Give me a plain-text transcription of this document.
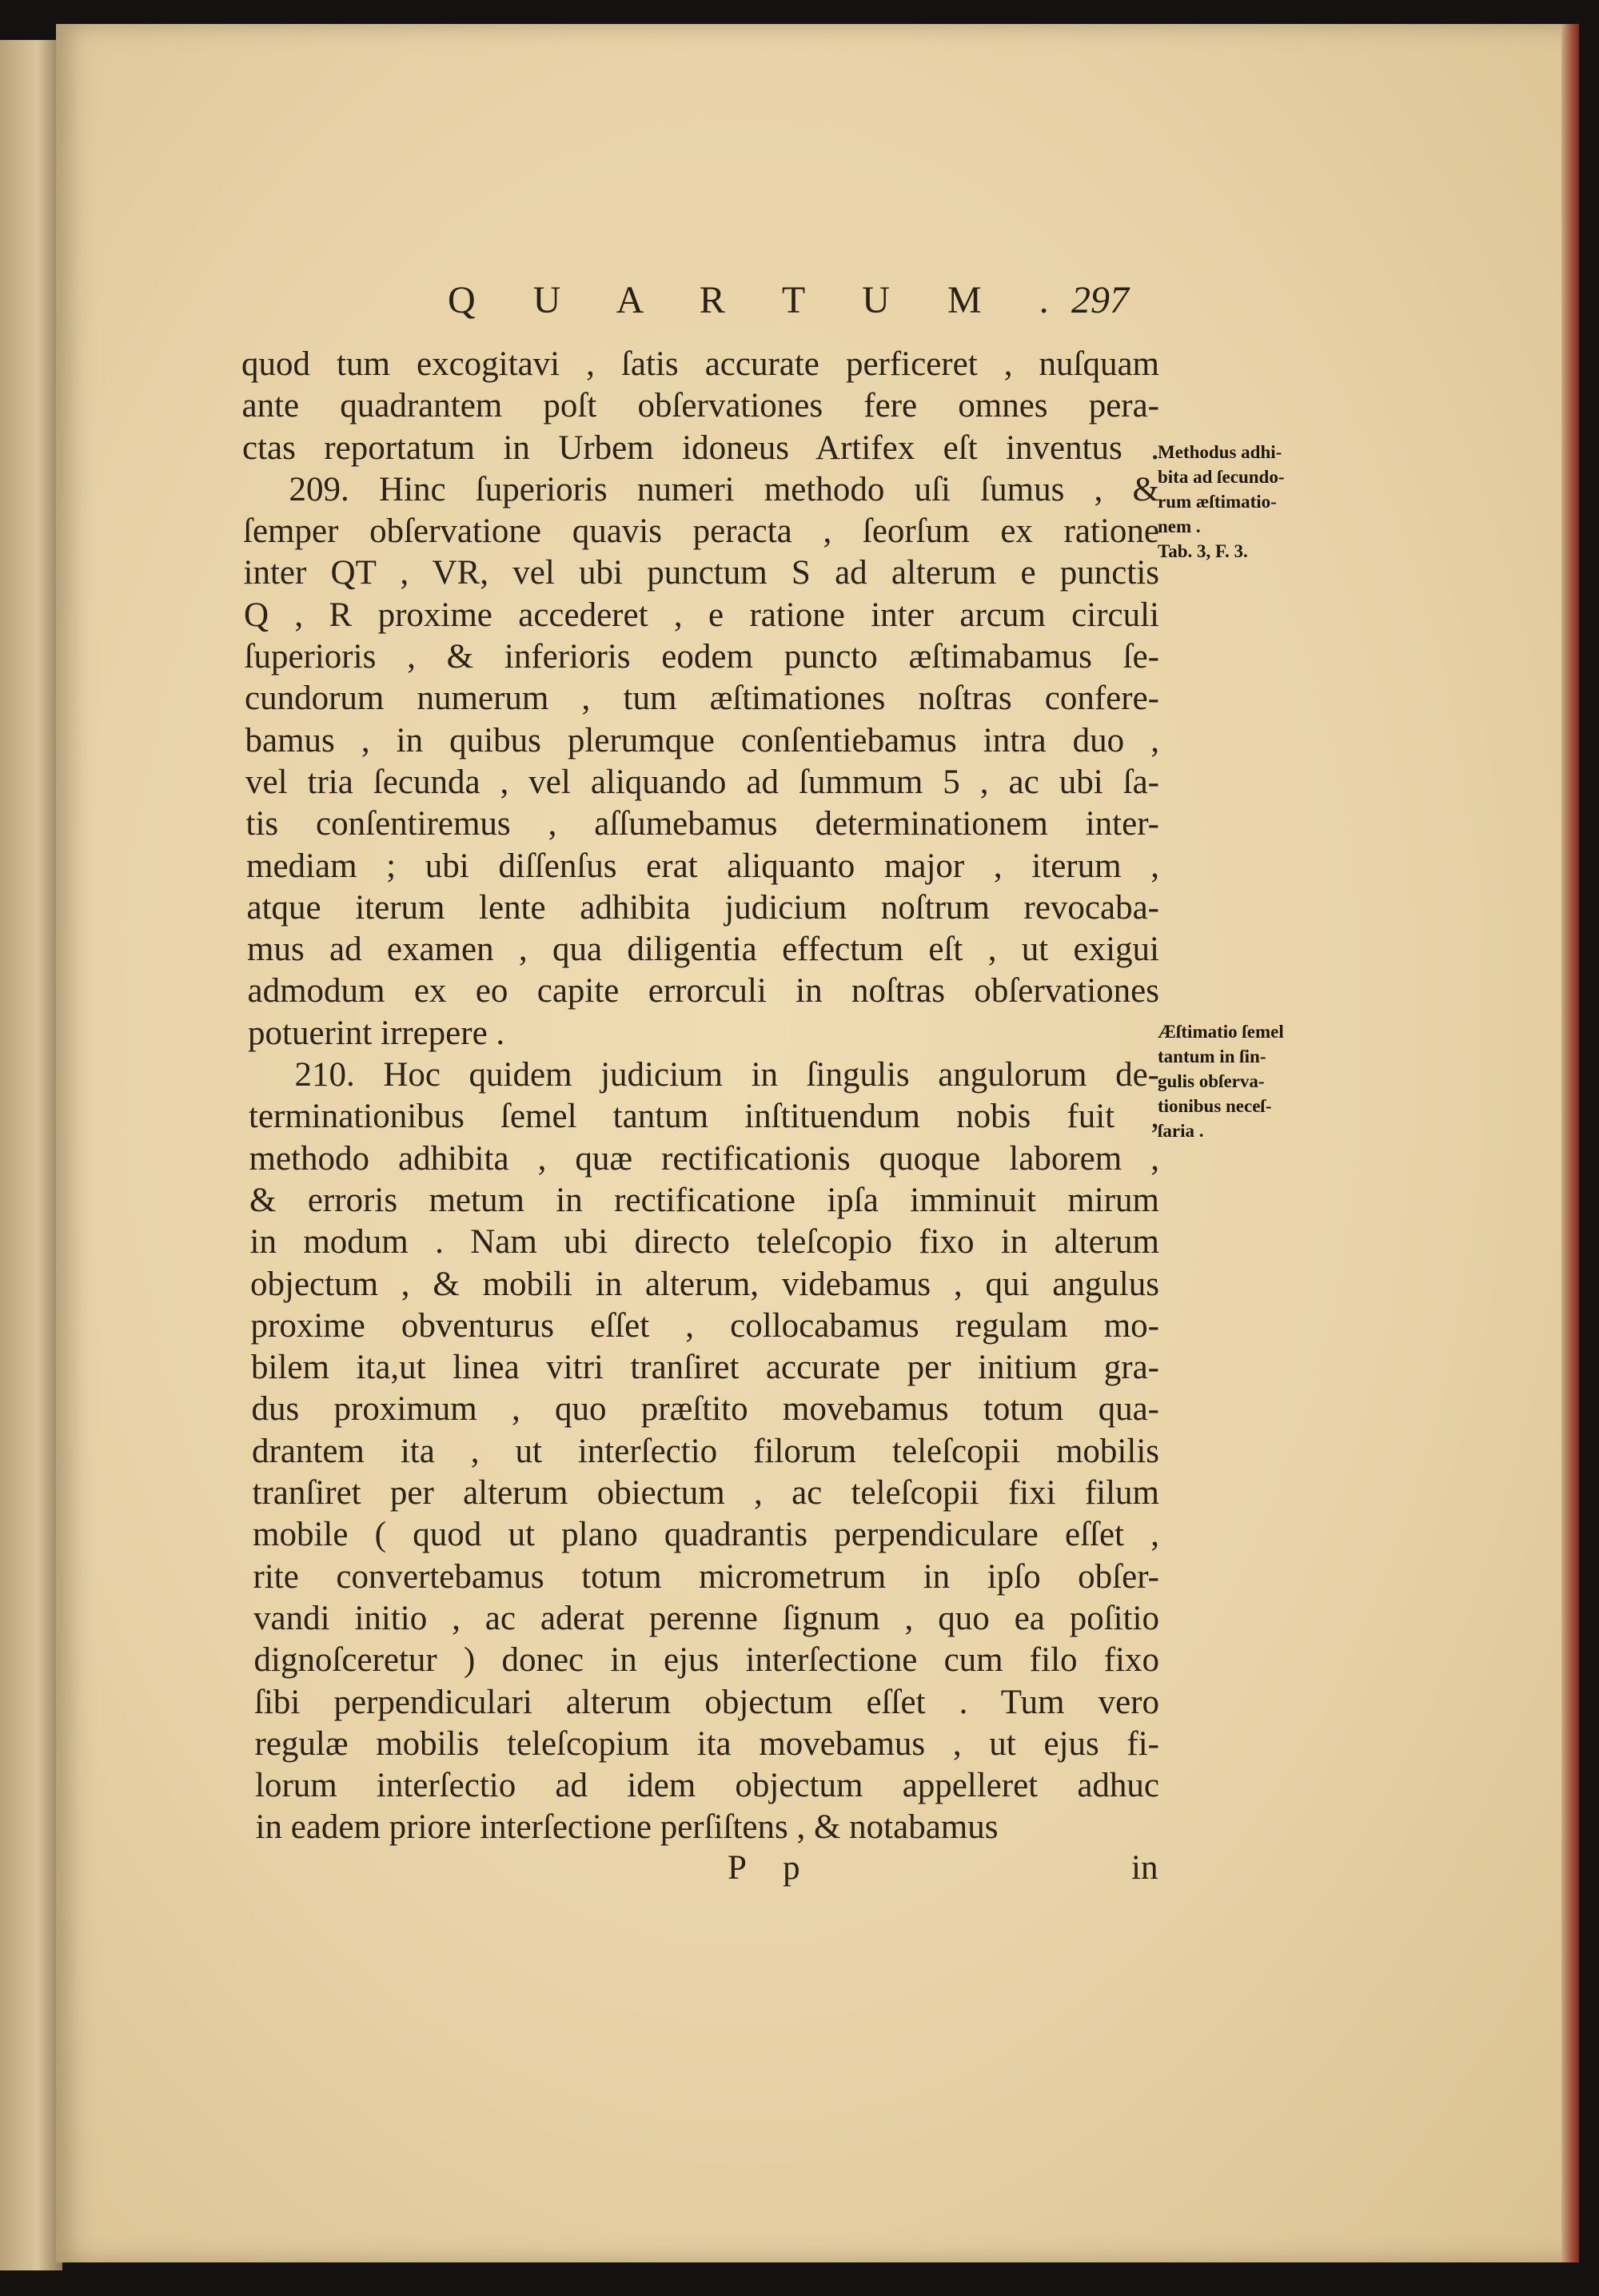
Q U A R T U M .
297
quod tum excogitavi , ſatis accurate perficeret , nuſquam
ante quadrantem poſt obſervationes fere omnes pera-
ctas reportatum in Urbem idoneus Artifex eſt inventus .
209. Hinc ſuperioris numeri methodo uſi ſumus , &
ſemper obſervatione quavis peracta , ſeorſum ex ratione
inter QT , VR, vel ubi punctum S ad alterum e punctis
Q , R proxime accederet , e ratione inter arcum circuli
ſuperioris , & inferioris eodem puncto æſtimabamus ſe-
cundorum numerum , tum æſtimationes noſtras confere-
bamus , in quibus plerumque conſentiebamus intra duo ,
vel tria ſecunda , vel aliquando ad ſummum 5 , ac ubi ſa-
tis conſentiremus , aſſumebamus determinationem inter-
mediam ; ubi diſſenſus erat aliquanto major , iterum ,
atque iterum lente adhibita judicium noſtrum revocaba-
mus ad examen , qua diligentia effectum eſt , ut exigui
admodum ex eo capite errorculi in noſtras obſervationes
potuerint irrepere .
210. Hoc quidem judicium in ſingulis angulorum de-
terminationibus ſemel tantum inſtituendum nobis fuit ,
methodo adhibita , quæ rectificationis quoque laborem ,
& erroris metum in rectificatione ipſa imminuit mirum
in modum . Nam ubi directo teleſcopio fixo in alterum
objectum , & mobili in alterum, videbamus , qui angulus
proxime obventurus eſſet , collocabamus regulam mo-
bilem ita,ut linea vitri tranſiret accurate per initium gra-
dus proximum , quo præſtito movebamus totum qua-
drantem ita , ut interſectio filorum teleſcopii mobilis
tranſiret per alterum obiectum , ac teleſcopii fixi filum
mobile ( quod ut plano quadrantis perpendiculare eſſet ,
rite convertebamus totum micrometrum in ipſo obſer-
vandi initio , ac aderat perenne ſignum , quo ea poſitio
dignoſceretur ) donec in ejus interſectione cum filo fixo
ſibi perpendiculari alterum objectum eſſet . Tum vero
regulæ mobilis teleſcopium ita movebamus , ut ejus fi-
lorum interſectio ad idem objectum appelleret adhuc
in eadem priore interſectione perſiſtens , & notabamus
Methodus adhi-
bita ad ſecundo-
rum æſtimatio-
nem .
Tab. 3, F. 3.
Æſtimatio ſemel
tantum in ſin-
gulis obſerva-
tionibus neceſ-
ſaria .
P p	in
